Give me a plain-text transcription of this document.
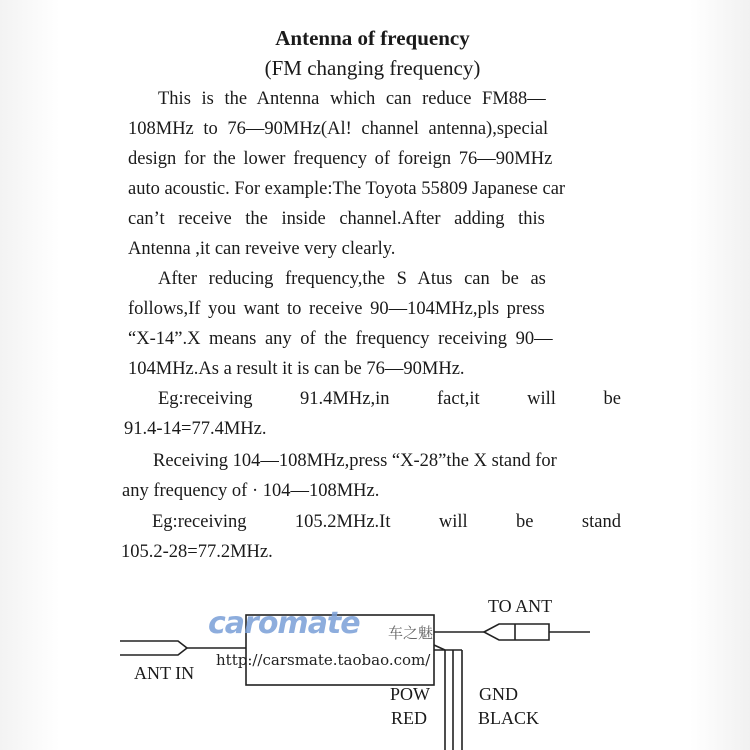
Antenna of frequency
(FM changing frequency)
This is the Antenna which can reduce FM88—
108MHz to 76—90MHz(Al! channel antenna),special
design for the lower frequency of foreign 76—90MHz
auto acoustic. For example:The Toyota 55809 Japanese car
can’t receive the inside channel.After adding this
Antenna ,it can reveive very clearly.
After reducing frequency,the S Atus can be as
follows,If you want to receive 90—104MHz,pls press
“X-14”.X means any of the frequency receiving 90—
104MHz.As a result it is can be 76—90MHz.
Eg:receiving	91.4MHz,in	fact,it	will	be
91.4-14=77.4MHz.
Receiving 104—108MHz,press “X-28”the X stand for
any frequency of · 104—108MHz.
Eg:receiving	105.2MHz.It	will	be	stand
105.2-28=77.2MHz.
TO ANT
ANT IN
POW
RED
GND
BLACK
caromate 车之魅
http://carsmate.taobao.com/
